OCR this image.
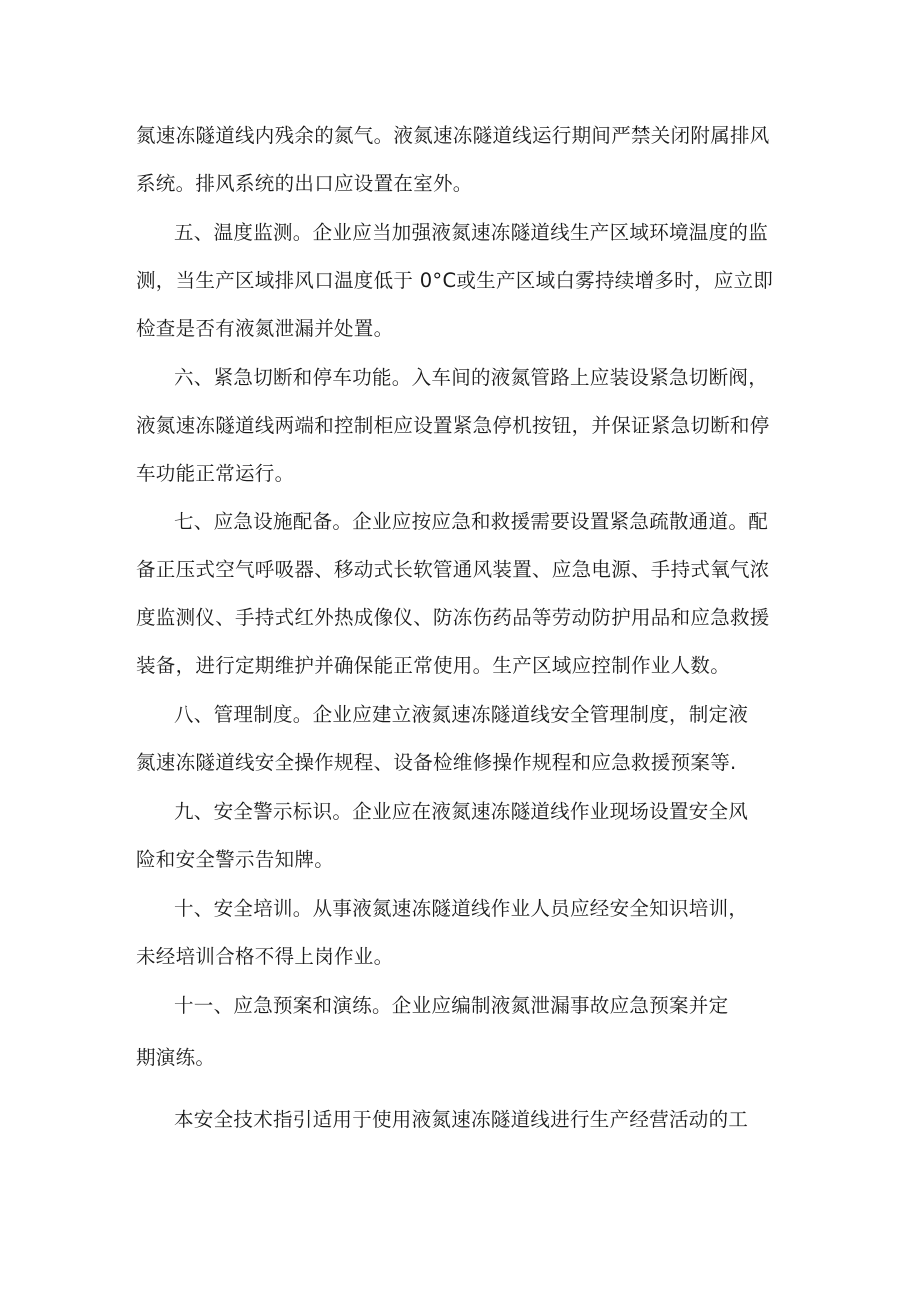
氮速冻隧道线内残余的氮气。液氮速冻隧道线运行期间严禁关闭附属排风
系统。排风系统的出口应设置在室外。
五、温度监测。企业应当加强液氮速冻隧道线生产区域环境温度的监
测，当生产区域排风口温度低于 0°C或生产区域白雾持续增多时，应立即
检查是否有液氮泄漏并处置。
六、紧急切断和停车功能。入车间的液氮管路上应装设紧急切断阀，
液氮速冻隧道线两端和控制柜应设置紧急停机按钮，并保证紧急切断和停
车功能正常运行。
七、应急设施配备。企业应按应急和救援需要设置紧急疏散通道。配
备正压式空气呼吸器、移动式长软管通风装置、应急电源、手持式氧气浓
度监测仪、手持式红外热成像仪、防冻伤药品等劳动防护用品和应急救援
装备，进行定期维护并确保能正常使用。生产区域应控制作业人数。
八、管理制度。企业应建立液氮速冻隧道线安全管理制度，制定液
氮速冻隧道线安全操作规程、设备检维修操作规程和应急救援预案等.
九、安全警示标识。企业应在液氮速冻隧道线作业现场设置安全风
险和安全警示告知牌。
十、安全培训。从事液氮速冻隧道线作业人员应经安全知识培训，
未经培训合格不得上岗作业。
十一、应急预案和演练。企业应编制液氮泄漏事故应急预案并定
期演练。
本安全技术指引适用于使用液氮速冻隧道线进行生产经营活动的工
